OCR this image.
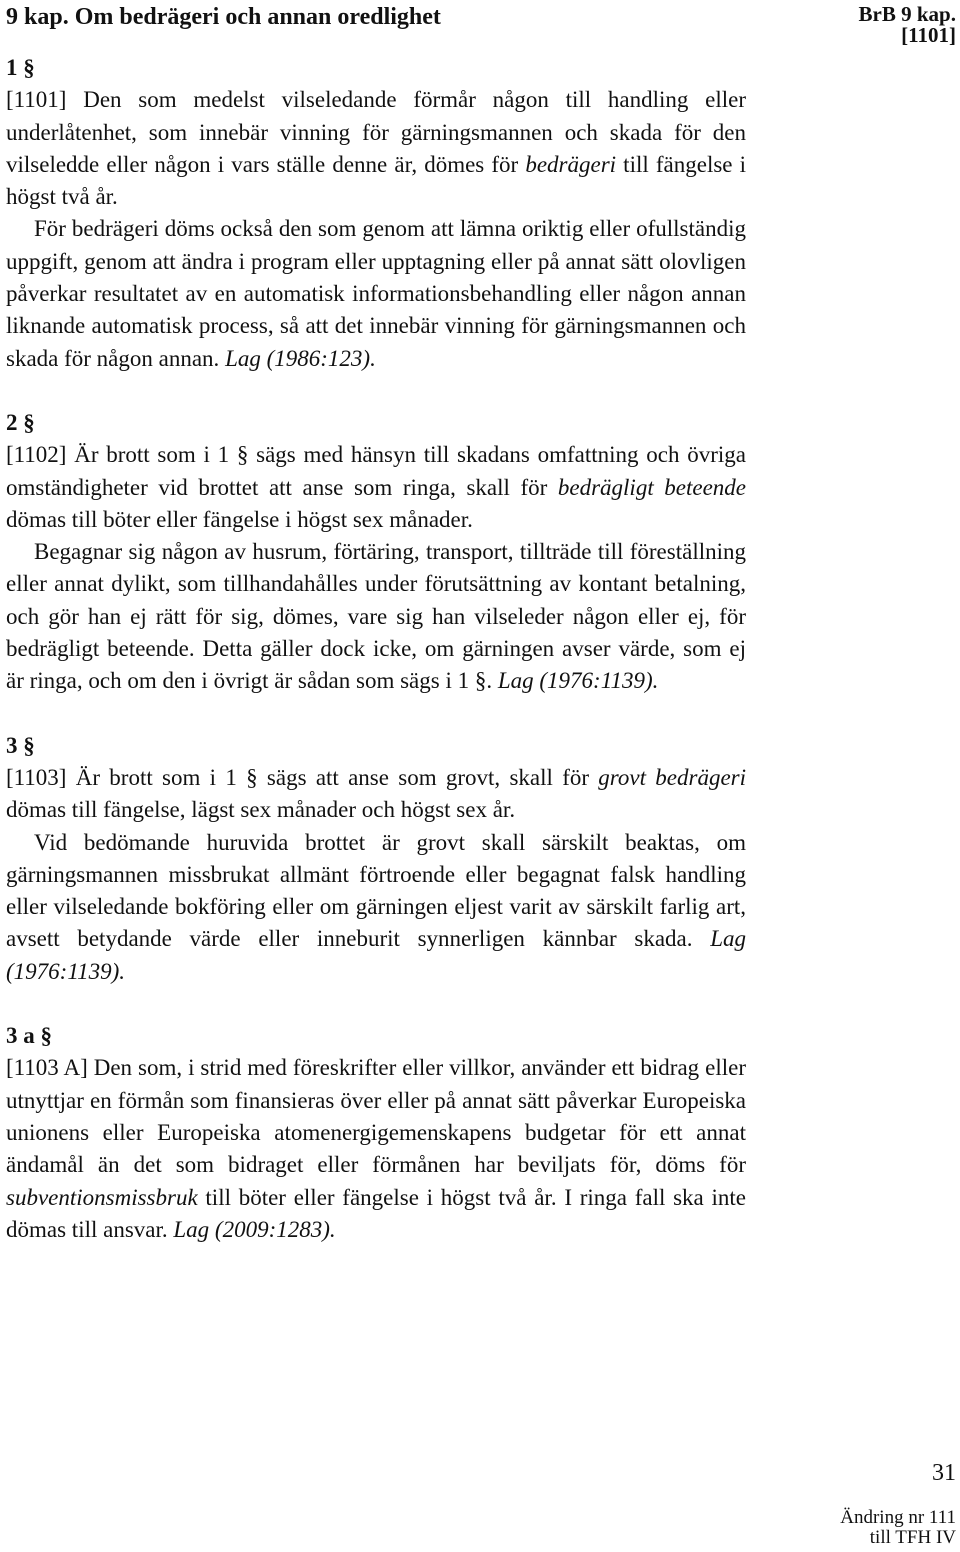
9 kap. Om bedrägeri och annan oredlighet	BrB 9 kap.
[1101]

1 §

[1101] Den som medelst vilseledande förmår någon till handling eller underlåtenhet, som innebär vinning för gärningsmannen och skada för den vilseledde eller någon i vars ställe denne är, dömes för bedrägeri till fängelse i högst två år.

För bedrägeri döms också den som genom att lämna oriktig eller ofullständig uppgift, genom att ändra i program eller upptagning eller på annat sätt olovligen påverkar resultatet av en automatisk informationsbehandling eller någon annan liknande automatisk process, så att det innebär vinning för gärningsmannen och skada för någon annan. Lag (1986:123).

2 §

[1102] Är brott som i 1 § sägs med hänsyn till skadans omfattning och övriga omständigheter vid brottet att anse som ringa, skall för bedrägligt beteende dömas till böter eller fängelse i högst sex månader.

Begagnar sig någon av husrum, förtäring, transport, tillträde till föreställning eller annat dylikt, som tillhandahålles under förutsättning av kontant betalning, och gör han ej rätt för sig, dömes, vare sig han vilseleder någon eller ej, för bedrägligt beteende. Detta gäller dock icke, om gärningen avser värde, som ej är ringa, och om den i övrigt är sådan som sägs i 1 §. Lag (1976:1139).

3 §

[1103] Är brott som i 1 § sägs att anse som grovt, skall för grovt bedrägeri dömas till fängelse, lägst sex månader och högst sex år.

Vid bedömande huruvida brottet är grovt skall särskilt beaktas, om gärningsmannen missbrukat allmänt förtroende eller begagnat falsk handling eller vilseledande bokföring eller om gärningen eljest varit av särskilt farlig art, avsett betydande värde eller inneburit synnerligen kännbar skada. Lag (1976:1139).

3 a §

[1103 A] Den som, i strid med föreskrifter eller villkor, använder ett bidrag eller utnyttjar en förmån som finansieras över eller på annat sätt påverkar Europeiska unionens eller Europeiska atomenergigemenskapens budgetar för ett annat ändamål än det som bidraget eller förmånen har beviljats för, döms för subventionsmissbruk till böter eller fängelse i högst två år. I ringa fall ska inte dömas till ansvar. Lag (2009:1283).

31
Ändring nr 111
till TFH IV
